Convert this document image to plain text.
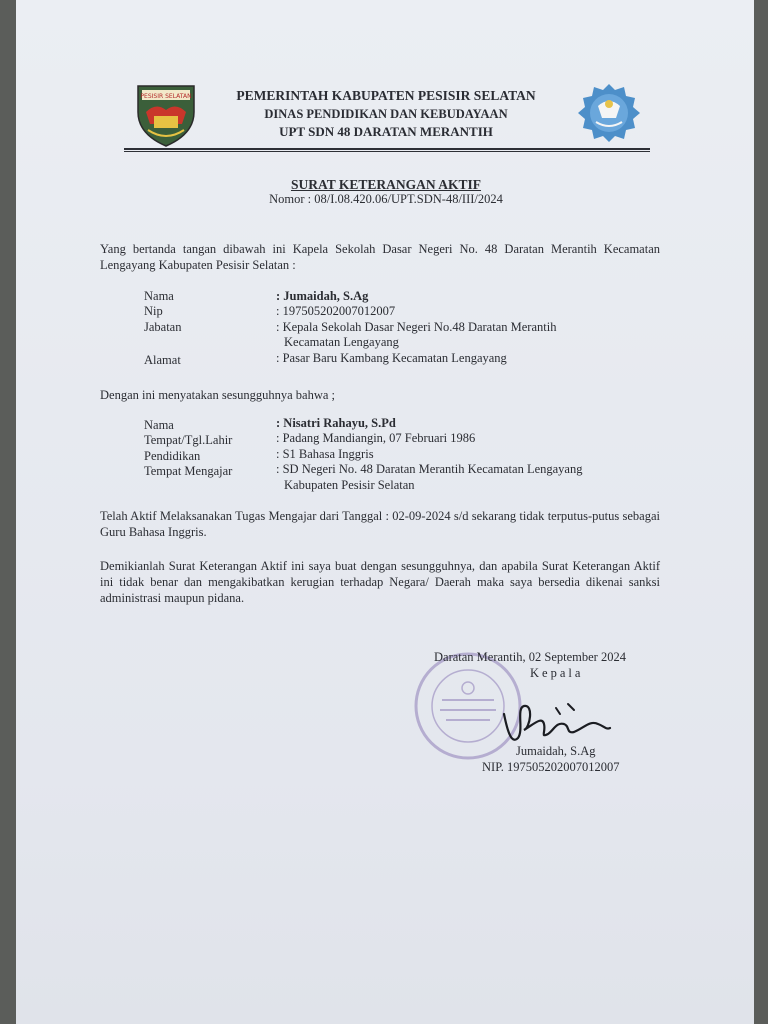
PESISIR SELATAN	PEMERINTAH KABUPATEN PESISIR SELATAN
DINAS PENDIDIKAN DAN KEBUDAYAAN
UPT SDN 48 DARATAN MERANTIH
SURAT KETERANGAN AKTIF
Nomor : 08/I.08.420.06/UPT.SDN-48/III/2024
Yang bertanda tangan dibawah ini Kapela Sekolah Dasar Negeri No. 48 Daratan Merantih Kecamatan Lengayang Kabupaten Pesisir Selatan :
Nama	: Jumaidah, S.Ag
Nip	: 197505202007012007
Jabatan	: Kepala Sekolah Dasar Negeri No.48 Daratan Merantih
Kecamatan Lengayang
Alamat	: Pasar Baru Kambang Kecamatan Lengayang
Dengan ini menyatakan sesungguhnya bahwa ;
Nama	: Nisatri Rahayu, S.Pd
Tempat/Tgl.Lahir	: Padang Mandiangin, 07 Februari 1986
Pendidikan	: S1 Bahasa Inggris
Tempat Mengajar	: SD Negeri No. 48 Daratan Merantih Kecamatan Lengayang
Kabupaten Pesisir Selatan
Telah Aktif Melaksanakan Tugas Mengajar dari Tanggal : 02-09-2024 s/d sekarang tidak terputus-putus sebagai Guru Bahasa Inggris.
Demikianlah Surat Keterangan Aktif ini saya buat dengan sesungguhnya, dan apabila Surat Keterangan Aktif ini tidak benar dan mengakibatkan kerugian terhadap Negara/ Daerah maka saya bersedia dikenai sanksi administrasi maupun pidana.
Daratan Merantih, 02 September 2024
Kepala
Jumaidah, S.Ag
NIP. 197505202007012007
